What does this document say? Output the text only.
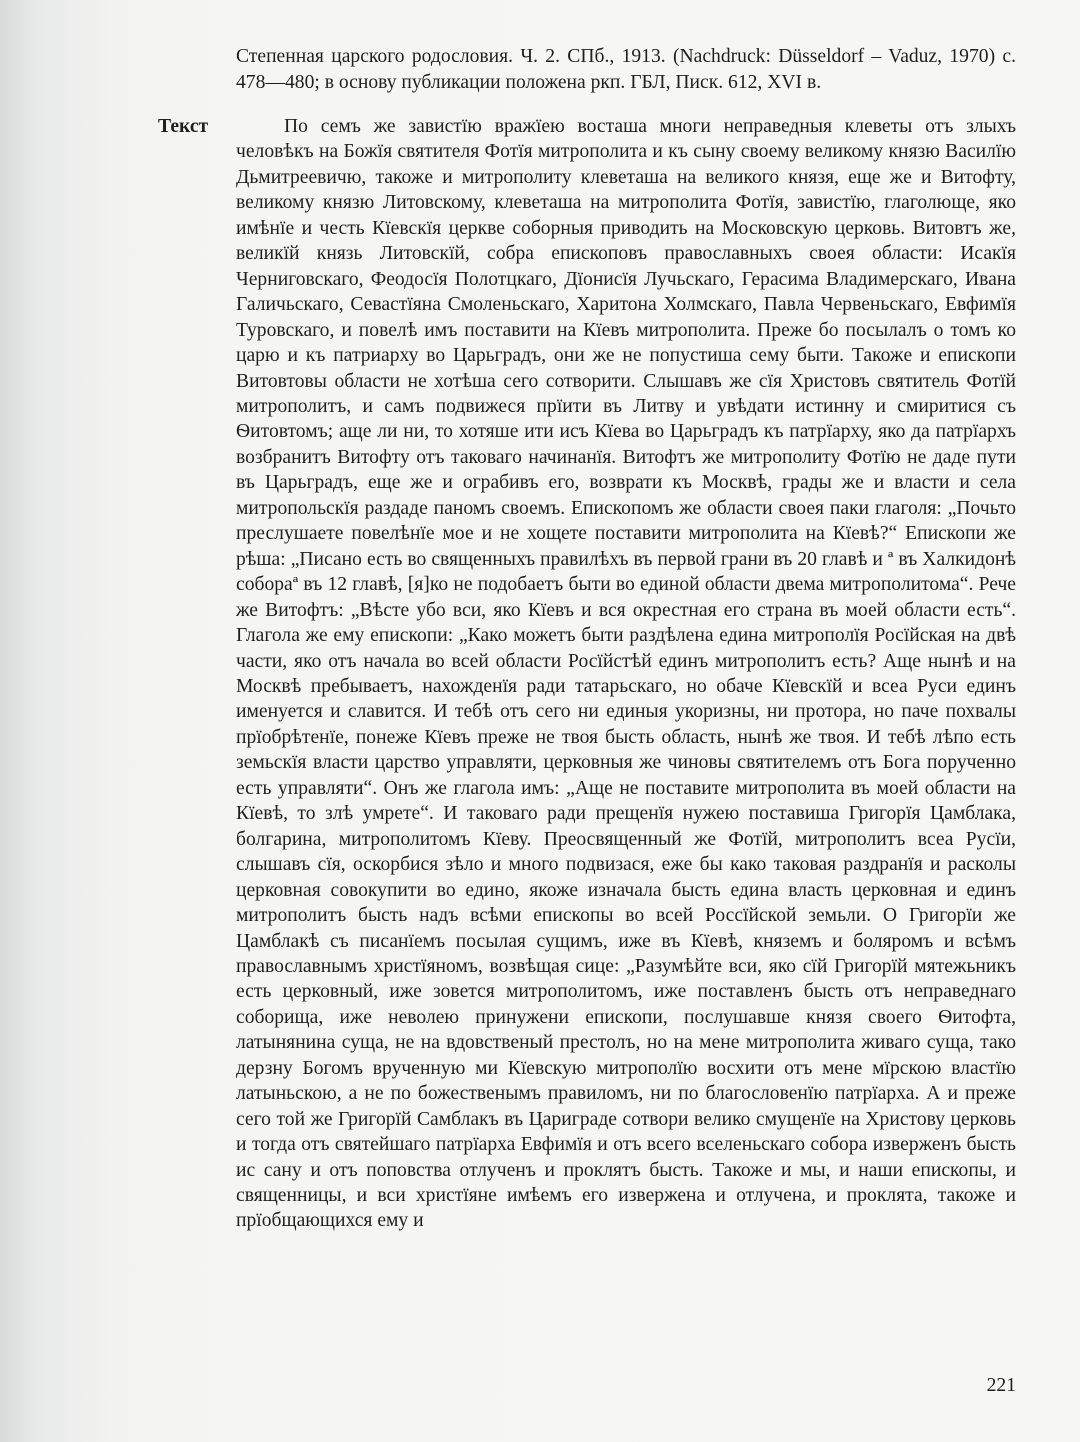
Степенная царского родословия. Ч. 2. СПб., 1913. (Nachdruck: Düsseldorf – Vaduz, 1970) с. 478—480; в основу публикации положена ркп. ГБЛ, Писк. 612, XVI в.

Текст	По семъ же завистїю вражїею восташа многи неправедныя клеветы отъ злыхъ человѣкъ на Божїя святителя Фотїя митрополита и къ сыну своему великому князю Василїю Дьмитреевичю, такожe и митрополиту клеветаша на великого князя, еще же и Витофту, великому князю Литовскому, клеветаша на митрополита Фотїя, завистїю, глаголюще, яко имѣнїе и честь Кїевскїя церкве соборныя приводить на Московскую церковь. Витовтъ же, великїй князь Литовскїй, собра епископовъ православныхъ своея области: Исакїя Черниговскаго, Феодосїя Полотцкаго, Дїонисїя Лучьскаго, Герасима Владимерскаго, Ивана Галичьскаго, Севастїяна Смоленьскаго, Харитона Холмскаго, Павла Червеньскаго, Евфимїя Туровскаго, и повелѣ имъ поставити на Кїевъ митрополита. Преже бо посылалъ о томъ ко царю и къ патриарху во Царьградъ, они же не попустиша сему быти. Такожe и епископи Витовтовы области не хотѣша сего сотворити. Слышавъ же сїя Христовъ святитель Фотїй митрополитъ, и самъ подвижеся прїити въ Литву и увѣдати истинну и смиритися съ Ѳитовтомъ; аще ли ни, то хотяше ити исъ Кїева во Царьградъ къ патрїарху, яко да патрїархъ возбранитъ Витофту отъ таковаго начинанїя. Витофтъ же митрополиту Фотїю не даде пути въ Царьградъ, еще же и ограбивъ его, возврати къ Москвѣ, грады же и власти и села митропольскїя раздаде паномъ своемъ. Епископомъ же области своея паки глаголя: „Почьто преслушаете повелѣнїе мое и не хощете поставити митрополита на Кїевѣ?“ Епископи же рѣша: „Писано есть во священныхъ правилѣхъ въ первой грани въ 20 главѣ и ª въ Халкидонѣ собораª въ 12 главѣ, [я]ко не подобаетъ быти во единой области двема митрополитома“. Рече же Витофтъ: „Вѣсте убо вси, яко Кїевъ и вся окрестная его страна въ моей области есть“. Глагола же ему епископи: „Како можетъ быти раздѣлена едина митрополїя Росїйская на двѣ части, яко отъ начала во всей области Росїйстѣй единъ митрополитъ есть? Аще нынѣ и на Москвѣ пребываетъ, нахожденїя ради татарьскаго, но обаче Кїевскїй и всеа Руси единъ именуется и славится. И тебѣ отъ сего ни единыя укоризны, ни протора, но паче похвалы прїобрѣтенїе, понеже Кїевъ преже не твоя бысть область, нынѣ же твоя. И тебѣ лѣпо есть земьскїя власти царство управляти, церковныя же чиновы святителемъ отъ Бога порученно есть управляти“. Онъ же глагола имъ: „Аще не поставите митрополита въ моей области на Кїевѣ, то злѣ умрете“. И таковаго ради прещенїя нужею поставиша Григорїя Цамблака, болгарина, митрополитомъ Кїеву. Преосвященный же Фотїй, митрополитъ всеа Русїи, слышавъ сїя, оскорбися зѣло и много подвизася, еже бы како таковая раздранїя и расколы церковная совокупити во едино, якоже изначала бысть едина власть церковная и единъ митрополитъ бысть надъ всѣми епископы во всей Россїйской земьли. О Григорїи же Цамблакѣ съ писанїемъ посылая сущимъ, иже въ Кїевѣ, княземъ и боляромъ и всѣмъ православнымъ христїяномъ, возвѣщая сице: „Разумѣйте вси, яко сїй Григорїй мятежьникъ есть церковный, иже зовется митрополитомъ, иже поставленъ бысть отъ неправеднаго соборища, иже неволею принужени епископи, послушавше князя своего Ѳитофта, латынянина суща, не на вдовственый престолъ, но на мене митрополита живаго суща, тако дерзну Богомъ врученную ми Кїевскую митрополїю восхити отъ мене мїрскою властїю латыньскою, а не по божественымъ правиломъ, ни по благословенїю патрїарха. А и преже сего той же Григорїй Самблакъ въ Цариграде сотвори велико смущенїе на Христову церковь и тогда отъ святейшаго патрїарха Евфимїя и отъ всего вселеньскаго собора изверженъ бысть ис сану и отъ поповства отлученъ и проклятъ бысть. Такожe и мы, и наши епископы, и священницы, и вси христїяне имѣемъ его извержена и отлучена, и проклята, такожe и прїобщающихся ему и

221
